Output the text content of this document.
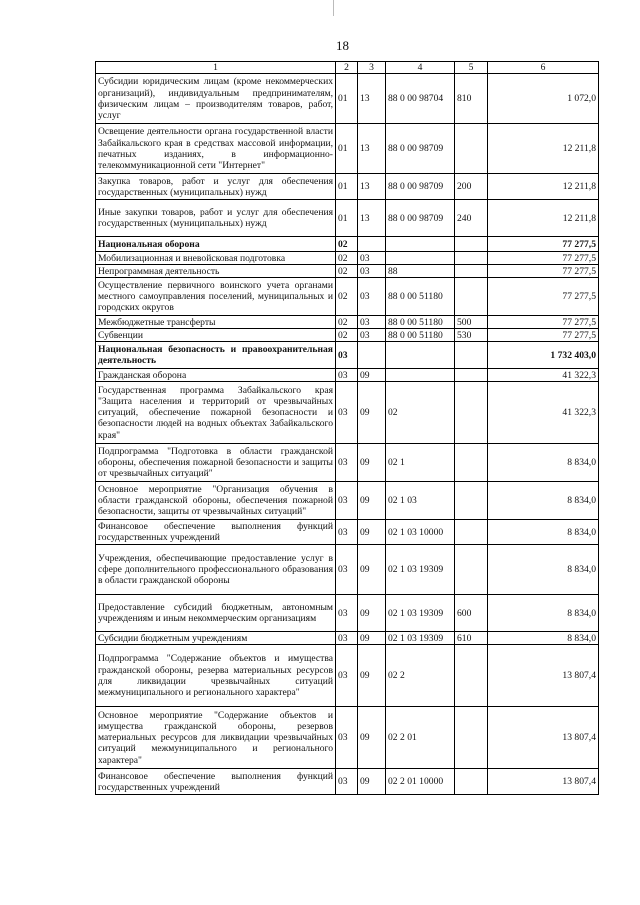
18
1	2	3	4	5	6
Субсидии юридическим лицам (кроме некоммерческих организаций), индивидуальным предпринимателям, физическим лицам – производителям товаров, работ, услуг	01	13	88 0 00 98704	810	1 072,0
Освещение деятельности органа государственной власти Забайкальского края в средствах массовой информации, печатных изданиях, в информационно-телекоммуникационной сети "Интернет"	01	13	88 0 00 98709		12 211,8
Закупка товаров, работ и услуг для обеспечения государственных (муниципальных) нужд	01	13	88 0 00 98709	200	12 211,8
Иные закупки товаров, работ и услуг для обеспечения государственных (муниципальных) нужд	01	13	88 0 00 98709	240	12 211,8
Национальная оборона	02				77 277,5
Мобилизационная и вневойсковая подготовка	02	03			77 277,5
Непрограммная деятельность	02	03	88		77 277,5
Осуществление первичного воинского учета органами местного самоуправления поселений, муниципальных и городских округов	02	03	88 0 00 51180		77 277,5
Межбюджетные трансферты	02	03	88 0 00 51180	500	77 277,5
Субвенции	02	03	88 0 00 51180	530	77 277,5
Национальная безопасность и правоохранительная деятельность	03				1 732 403,0
Гражданская оборона	03	09			41 322,3
Государственная программа Забайкальского края "Защита населения и территорий от чрезвычайных ситуаций, обеспечение пожарной безопасности и безопасности людей на водных объектах Забайкальского края"	03	09	02		41 322,3
Подпрограмма "Подготовка в области гражданской обороны, обеспечения пожарной безопасности и защиты от чрезвычайных ситуаций"	03	09	02 1		8 834,0
Основное мероприятие "Организация обучения в области гражданской обороны, обеспечения пожарной безопасности, защиты от чрезвычайных ситуаций"	03	09	02 1 03		8 834,0
Финансовое обеспечение выполнения функций государственных учреждений	03	09	02 1 03 10000		8 834,0
Учреждения, обеспечивающие предоставление услуг в сфере дополнительного профессионального образования в области гражданской обороны	03	09	02 1 03 19309		8 834,0
Предоставление субсидий бюджетным, автономным учреждениям и иным некоммерческим организациям	03	09	02 1 03 19309	600	8 834,0
Субсидии бюджетным учреждениям	03	09	02 1 03 19309	610	8 834,0
Подпрограмма "Содержание объектов и имущества гражданской обороны, резерва материальных ресурсов для ликвидации чрезвычайных ситуаций межмуниципального и регионального характера"	03	09	02 2		13 807,4
Основное мероприятие "Содержание объектов и имущества гражданской обороны, резервов материальных ресурсов для ликвидации чрезвычайных ситуаций межмуниципального и регионального характера"	03	09	02 2 01		13 807,4
Финансовое обеспечение выполнения функций государственных учреждений	03	09	02 2 01 10000		13 807,4
